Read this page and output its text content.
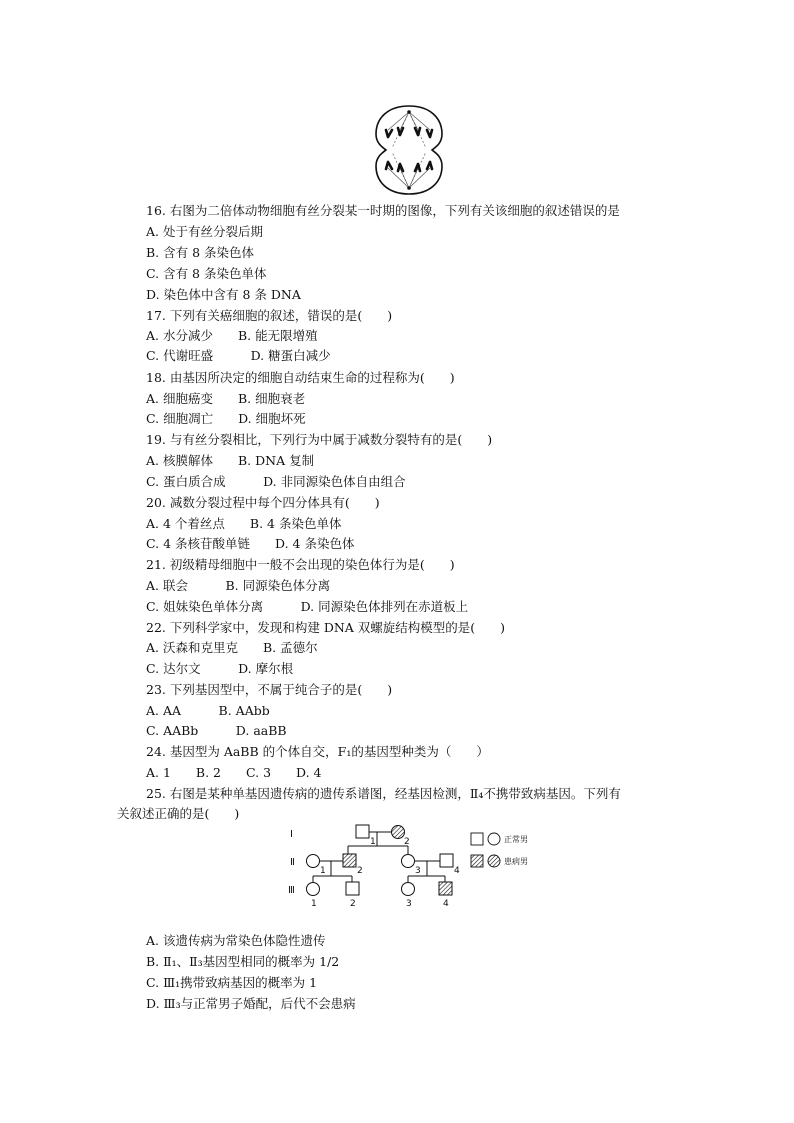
16. 右图为二倍体动物细胞有丝分裂某一时期的图像，下列有关该细胞的叙述错误的是
A. 处于有丝分裂后期
B. 含有 8 条染色体
C. 含有 8 条染色单体
D. 染色体中含有 8 条 DNA
17. 下列有关癌细胞的叙述，错误的是(　　)
A. 水分减少　　B. 能无限增殖
C. 代谢旺盛　　　D. 糖蛋白减少
18. 由基因所决定的细胞自动结束生命的过程称为(　　)
A. 细胞癌变　　B. 细胞衰老
C. 细胞凋亡　　D. 细胞坏死
19. 与有丝分裂相比，下列行为中属于减数分裂特有的是(　　)
A. 核膜解体　　B. DNA 复制
C. 蛋白质合成　　　D. 非同源染色体自由组合
20. 减数分裂过程中每个四分体具有(　　)
A. 4 个着丝点　　B. 4 条染色单体
C. 4 条核苷酸单链　　D. 4 条染色体
21. 初级精母细胞中一般不会出现的染色体行为是(　　)
A. 联会　　　B. 同源染色体分离
C. 姐妹染色单体分离　　　D. 同源染色体排列在赤道板上
22. 下列科学家中，发现和构建 DNA 双螺旋结构模型的是(　　)
A. 沃森和克里克　　B. 孟德尔
C. 达尔文　　　D. 摩尔根
23. 下列基因型中，不属于纯合子的是(　　)
A. AA　　　B. AAbb
C. AABb　　　D. aaBB
24. 基因型为 AaBB 的个体自交，F₁的基因型种类为（　　）
A. 1　　B. 2　　C. 3　　D. 4
25. 右图是某种单基因遗传病的遗传系谱图，经基因检测，Ⅱ₄不携带致病基因。下列有
关叙述正确的是(　　)
Ⅰ
Ⅱ
Ⅲ
1	2
1	2	3	4
1	2	3	4
正常男
患病男
A. 该遗传病为常染色体隐性遗传
B. Ⅱ₁、Ⅱ₃基因型相同的概率为 1/2
C. Ⅲ₁携带致病基因的概率为 1
D. Ⅲ₃与正常男子婚配，后代不会患病
